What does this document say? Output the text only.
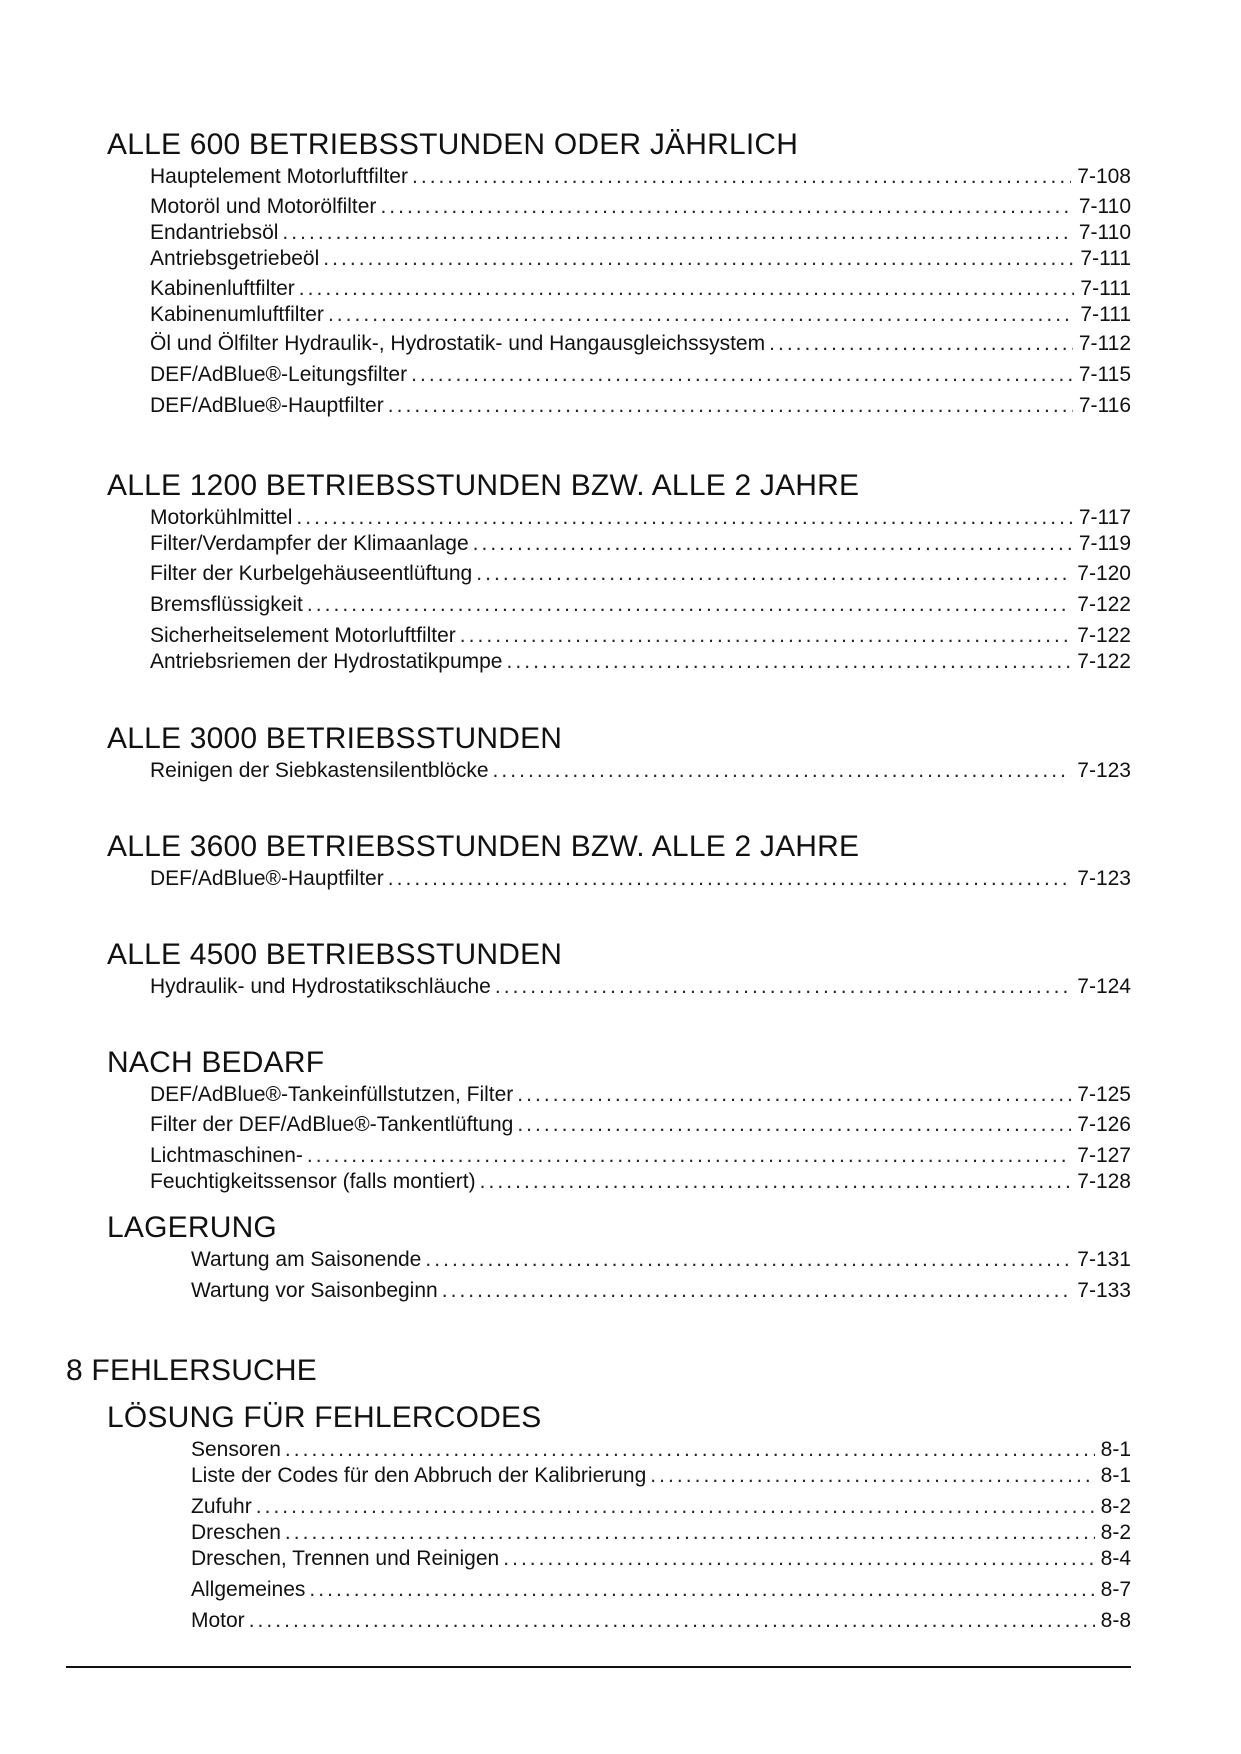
ALLE 600 BETRIEBSSTUNDEN ODER JÄHRLICH
Hauptelement Motorluftfilter . . .	7-108
Motoröl und Motorölfilter . . .	7-110
Endantriebsöl . . .	7-110
Antriebsgetriebeöl . . .	7-111
Kabinenluftfilter . . .	7-111
Kabinenumluftfilter . . .	7-111
Öl und Ölfilter Hydraulik-, Hydrostatik- und Hangausgleichssystem . . .	7-112
DEF/AdBlue®-Leitungsfilter . . .	7-115
DEF/AdBlue®-Hauptfilter . . .	7-116
ALLE 1200 BETRIEBSSTUNDEN BZW. ALLE 2 JAHRE
Motorkühlmittel . . .	7-117
Filter/Verdampfer der Klimaanlage . . .	7-119
Filter der Kurbelgehäuseentlüftung . . .	7-120
Bremsflüssigkeit . . .	7-122
Sicherheitselement Motorluftfilter . . .	7-122
Antriebsriemen der Hydrostatikpumpe . . .	7-122
ALLE 3000 BETRIEBSSTUNDEN
Reinigen der Siebkastensilentblöcke . . .	7-123
ALLE 3600 BETRIEBSSTUNDEN BZW. ALLE 2 JAHRE
DEF/AdBlue®-Hauptfilter . . .	7-123
ALLE 4500 BETRIEBSSTUNDEN
Hydraulik- und Hydrostatikschläuche . . .	7-124
NACH BEDARF
DEF/AdBlue®-Tankeinfüllstutzen, Filter . . .	7-125
Filter der DEF/AdBlue®-Tankentlüftung . . .	7-126
Lichtmaschinen- . . .	7-127
Feuchtigkeitssensor (falls montiert) . . .	7-128
LAGERUNG
Wartung am Saisonende . . .	7-131
Wartung vor Saisonbeginn . . .	7-133
8 FEHLERSUCHE
LÖSUNG FÜR FEHLERCODES
Sensoren . . .	8-1
Liste der Codes für den Abbruch der Kalibrierung . . .	8-1
Zufuhr . . .	8-2
Dreschen . . .	8-2
Dreschen, Trennen und Reinigen . . .	8-4
Allgemeines . . .	8-7
Motor . . .	8-8
